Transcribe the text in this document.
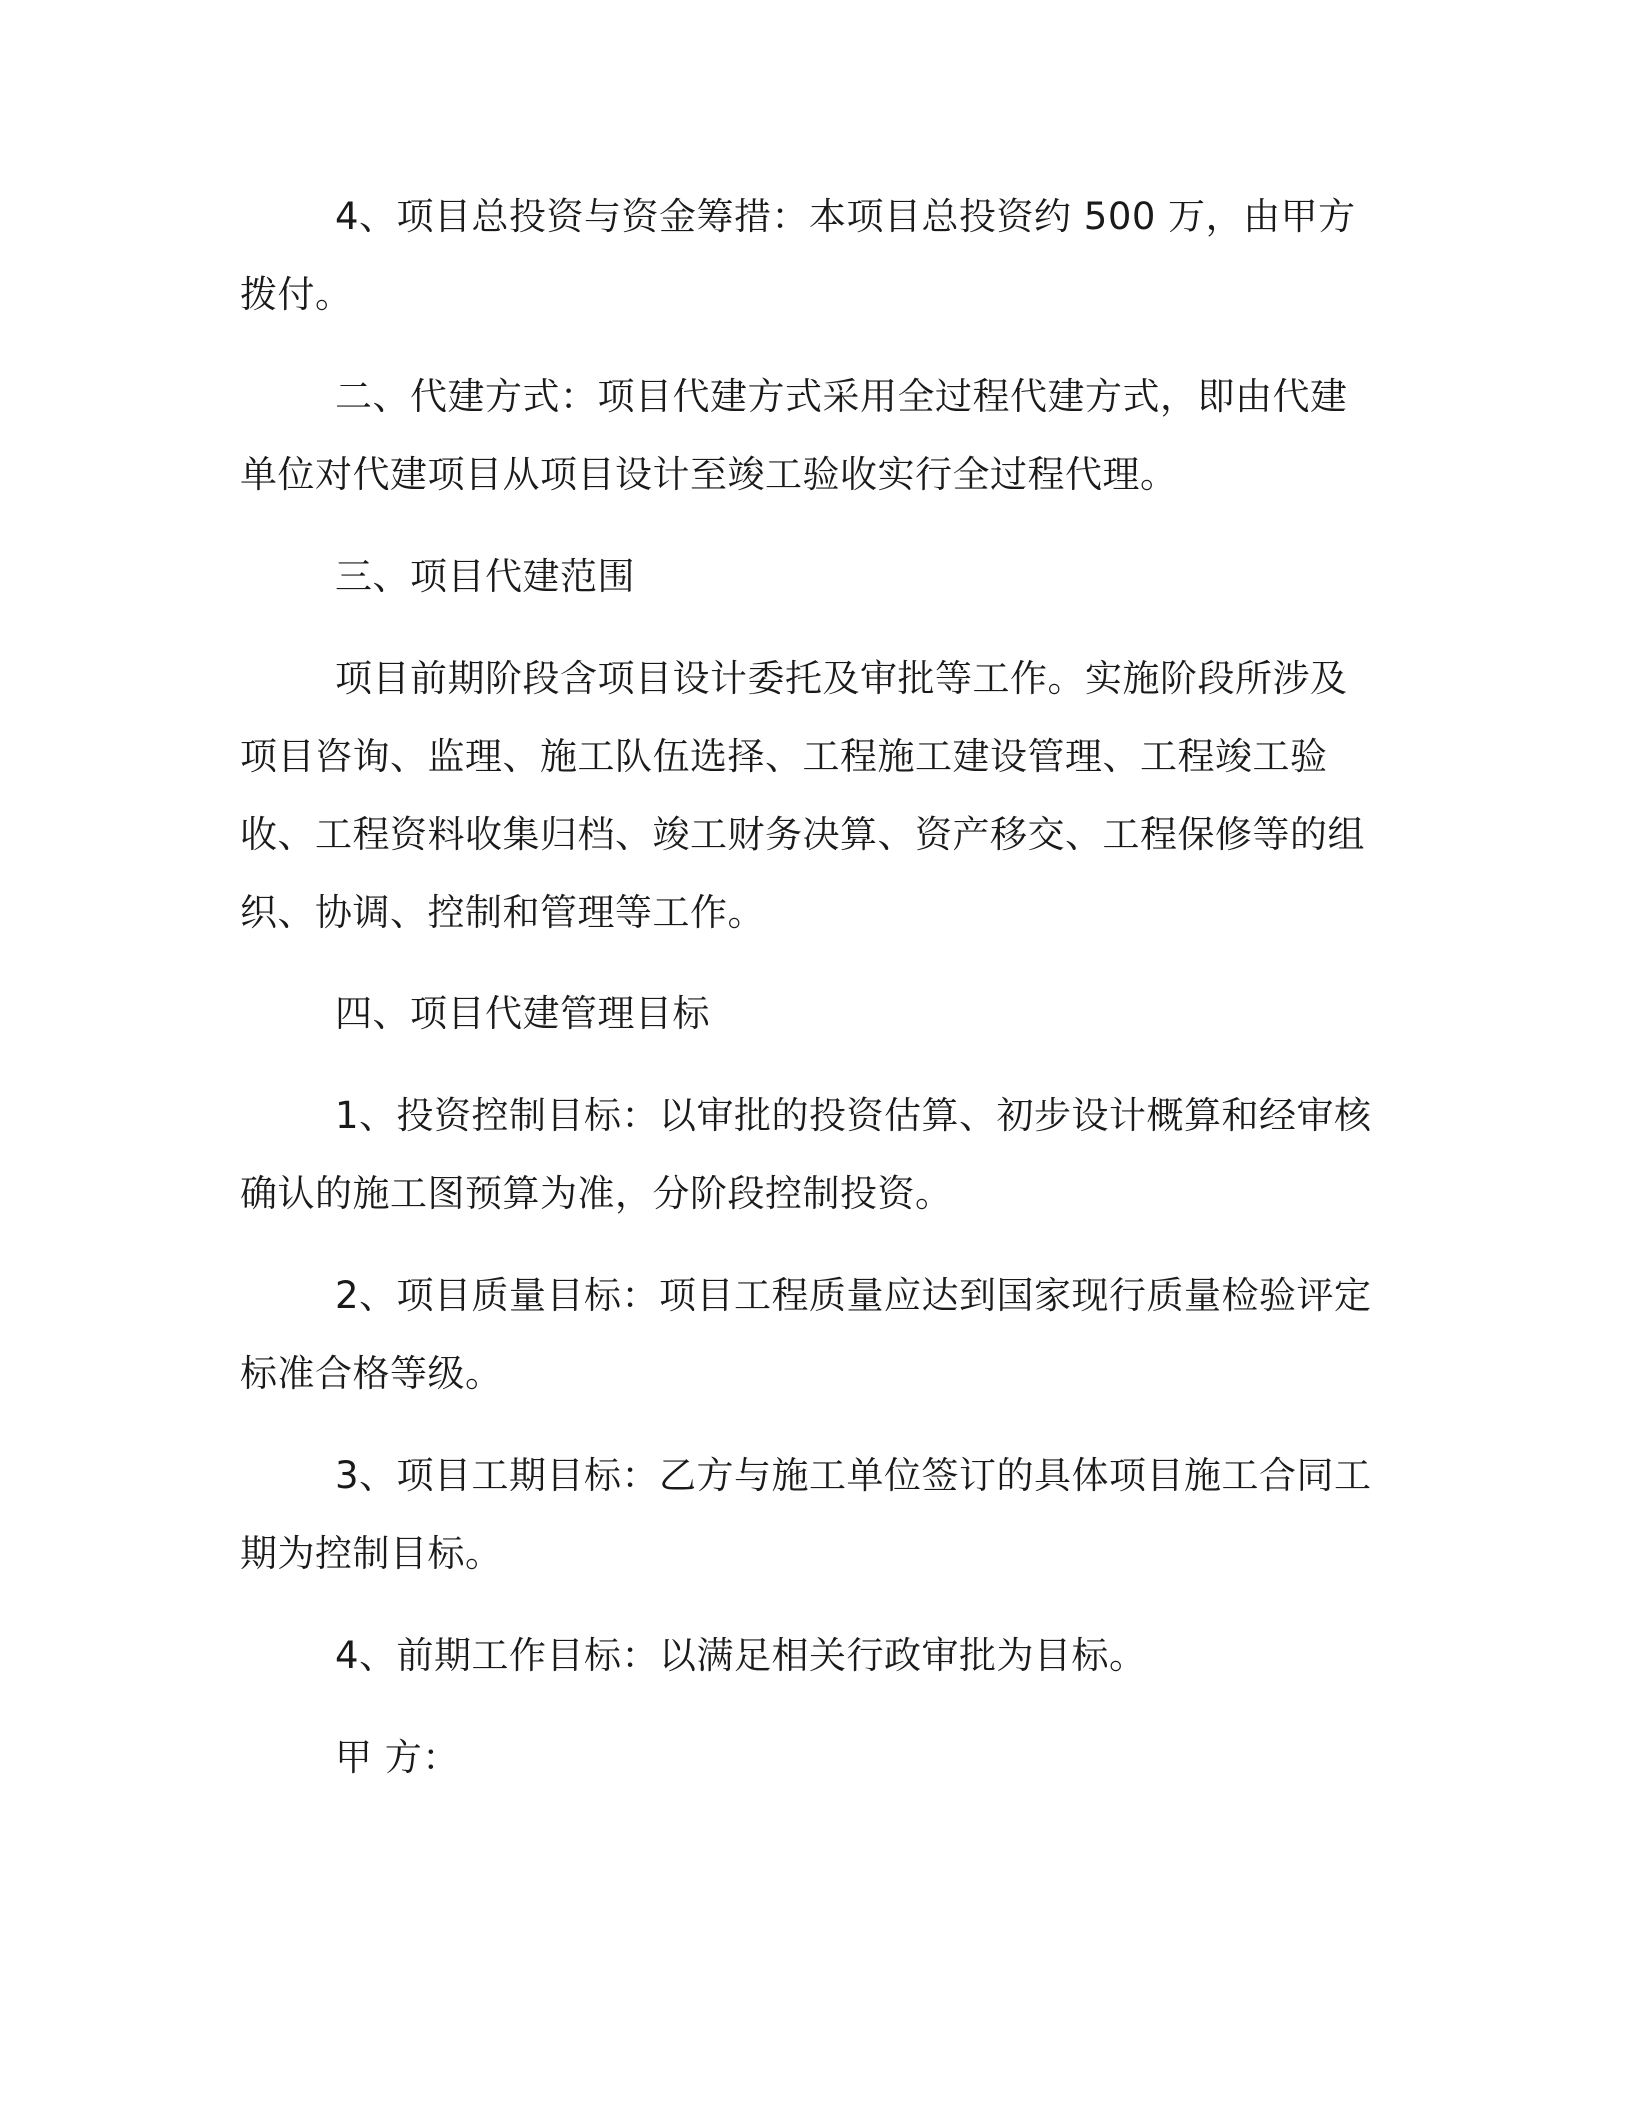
4、项目总投资与资金筹措：本项目总投资约 500 万，由甲方拨付。

二、代建方式：项目代建方式采用全过程代建方式，即由代建单位对代建项目从项目设计至竣工验收实行全过程代理。

三、项目代建范围

项目前期阶段含项目设计委托及审批等工作。实施阶段所涉及项目咨询、监理、施工队伍选择、工程施工建设管理、工程竣工验收、工程资料收集归档、竣工财务决算、资产移交、工程保修等的组织、协调、控制和管理等工作。

四、项目代建管理目标

1、投资控制目标：以审批的投资估算、初步设计概算和经审核确认的施工图预算为准，分阶段控制投资。

2、项目质量目标：项目工程质量应达到国家现行质量检验评定标准合格等级。

3、项目工期目标：乙方与施工单位签订的具体项目施工合同工期为控制目标。

4、前期工作目标：以满足相关行政审批为目标。

甲 方：
